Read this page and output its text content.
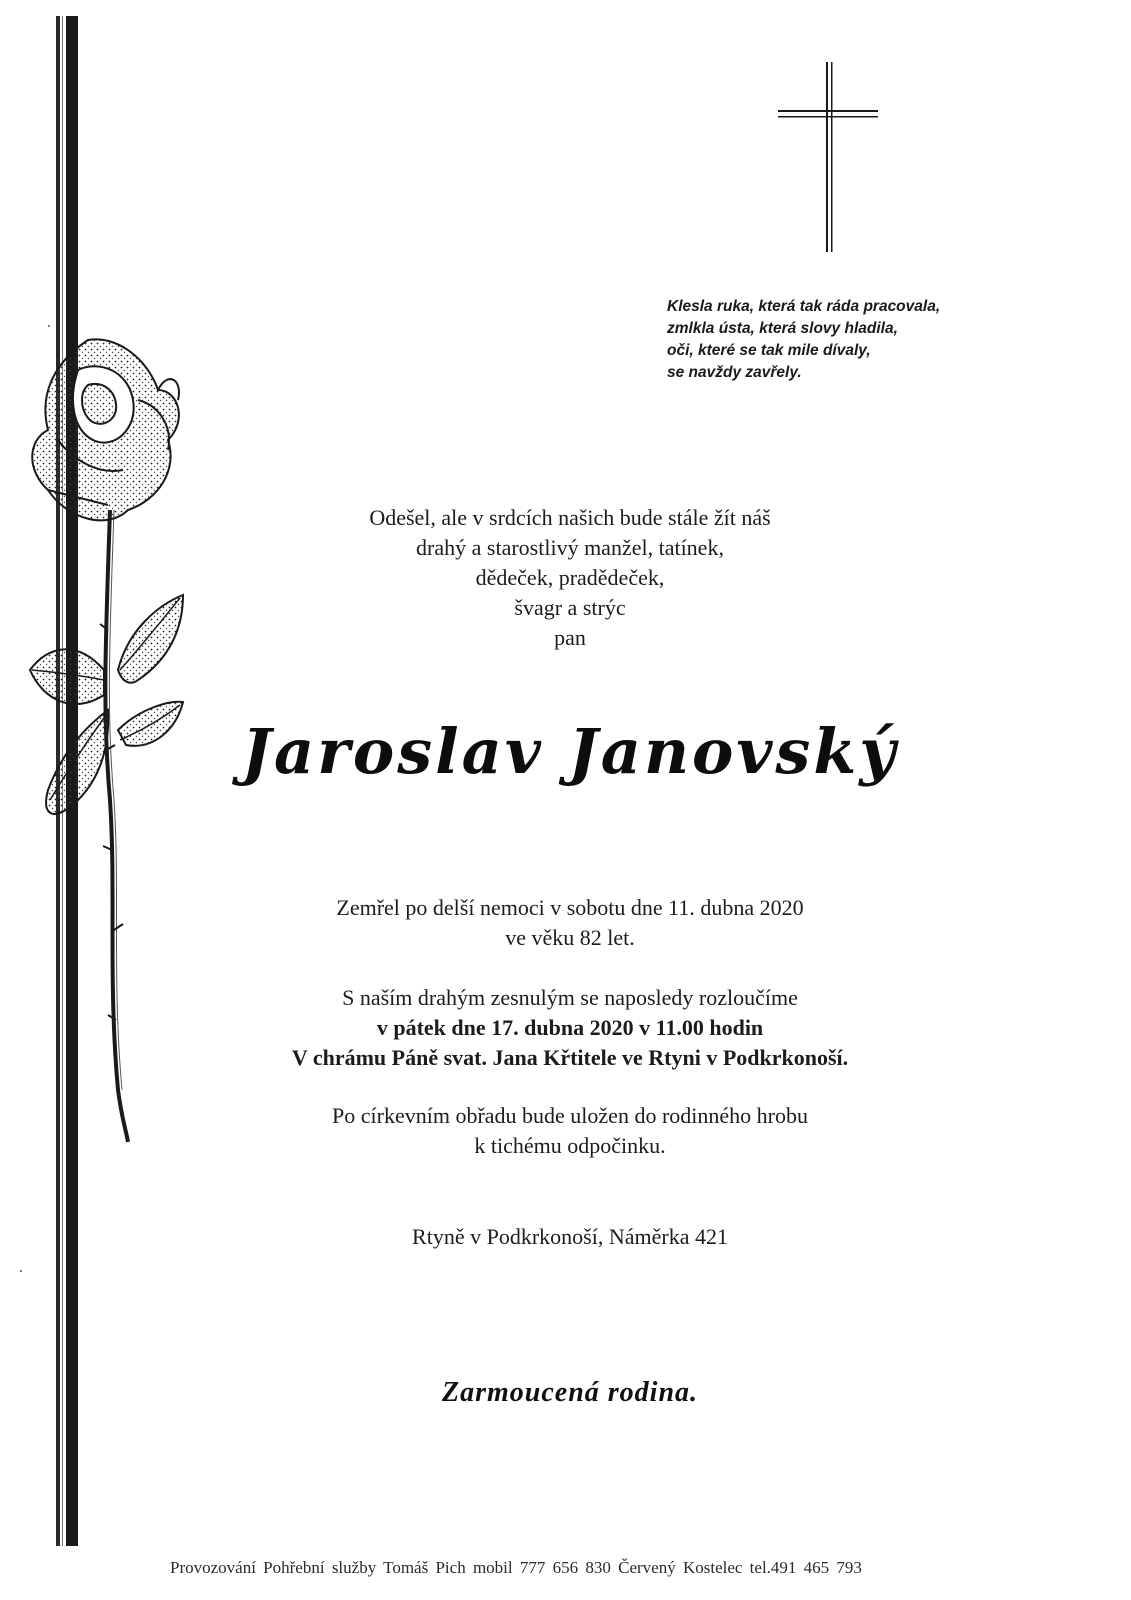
Klesla ruka, která tak ráda pracovala,
zmlkla ústa, která slovy hladila,
oči, které se tak mile dívaly,
se navždy zavřely.
Odešel, ale v srdcích našich bude stále žít náš
drahý a starostlivý manžel, tatínek,
dědeček, pradědeček,
švagr a strýc
pan
Jaroslav Janovský
Zemřel po delší nemoci v sobotu dne 11. dubna 2020
ve věku 82 let.
S naším drahým zesnulým se naposledy rozloučíme
v pátek dne 17. dubna 2020 v 11.00 hodin
V chrámu Páně svat. Jana Křtitele ve Rtyni v Podkrkonoší.
Po církevním obřadu bude uložen do rodinného hrobu
k tichému odpočinku.
Rtyně v Podkrkonoší, Náměrka 421
Zarmoucená rodina.
Provozování Pohřební služby Tomáš Pich mobil 777 656 830 Červený Kostelec tel.491 465 793
